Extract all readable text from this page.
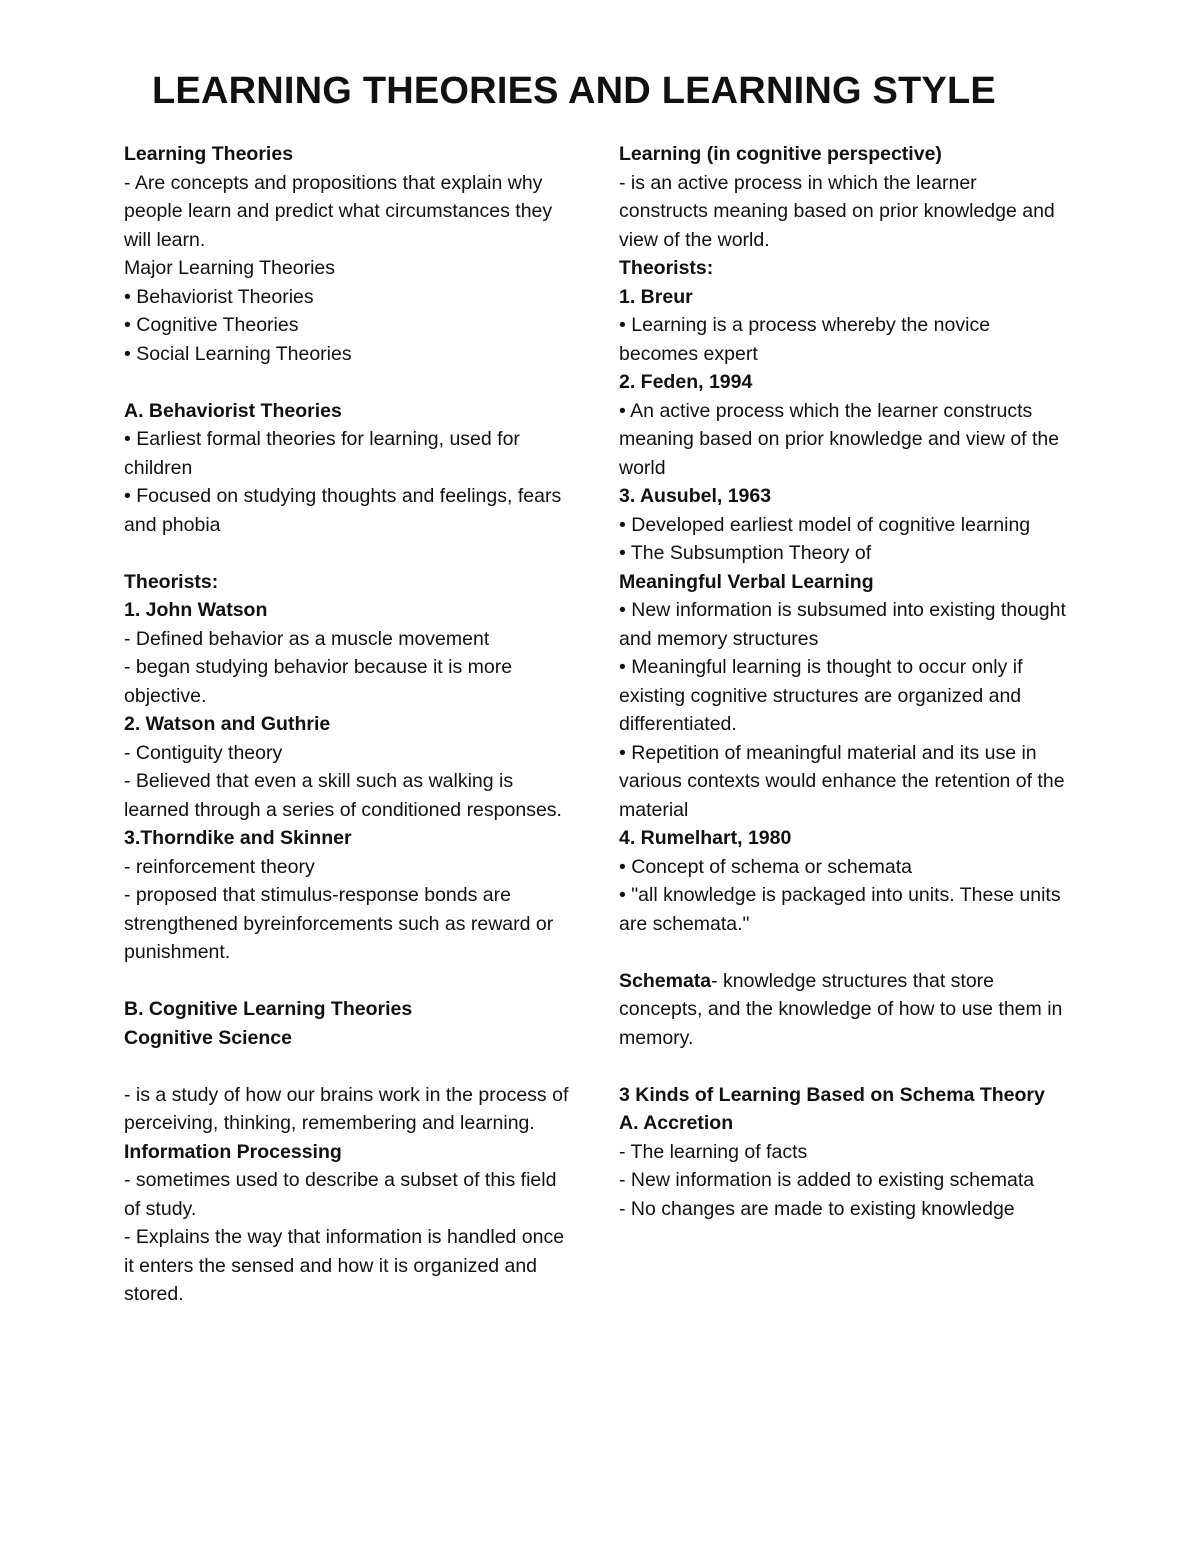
LEARNING THEORIES AND LEARNING STYLE
Learning Theories
- Are concepts and propositions that explain why people learn and predict what circumstances they will learn.
Major Learning Theories
• Behaviorist Theories
• Cognitive Theories
• Social Learning Theories
A. Behaviorist Theories
• Earliest formal theories for learning, used for children
• Focused on studying thoughts and feelings, fears and phobia
Theorists:
1. John Watson
- Defined behavior as a muscle movement
- began studying behavior because it is more objective.
2. Watson and Guthrie
- Contiguity theory
- Believed that even a skill such as walking is learned through a series of conditioned responses.
3.Thorndike and Skinner
- reinforcement theory
- proposed that stimulus-response bonds are strengthened byreinforcements such as reward or punishment.
B. Cognitive Learning Theories
Cognitive Science
- is a study of how our brains work in the process of perceiving, thinking, remembering and learning.
Information Processing
- sometimes used to describe a subset of this field of study.
- Explains the way that information is handled once it enters the sensed and how it is organized and stored.
Learning (in cognitive perspective)
- is an active process in which the learner constructs meaning based on prior knowledge and view of the world.
Theorists:
1. Breur
• Learning is a process whereby the novice becomes expert
2. Feden, 1994
• An active process which the learner constructs meaning based on prior knowledge and view of the world
3. Ausubel, 1963
• Developed earliest model of cognitive learning
• The Subsumption Theory of
Meaningful Verbal Learning
• New information is subsumed into existing thought and memory structures
• Meaningful learning is thought to occur only if existing cognitive structures are organized and differentiated.
• Repetition of meaningful material and its use in various contexts would enhance the retention of the material
4. Rumelhart, 1980
• Concept of schema or schemata
• "all knowledge is packaged into units. These units are schemata."
Schemata- knowledge structures that store concepts, and the knowledge of how to use them in memory.
3 Kinds of Learning Based on Schema Theory
A. Accretion
- The learning of facts
- New information is added to existing schemata
- No changes are made to existing knowledge
